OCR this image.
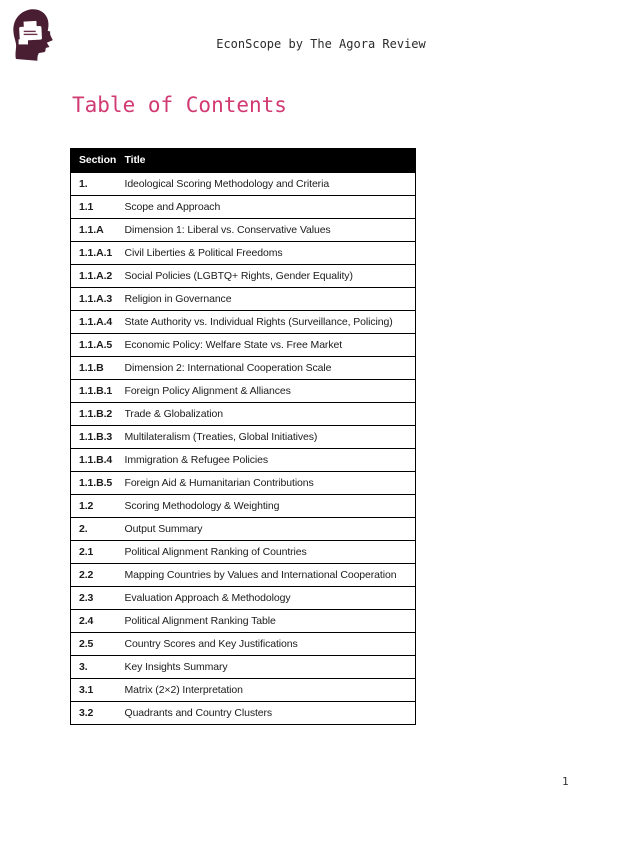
EconScope by The Agora Review
Table of Contents
Section	Title
1.	Ideological Scoring Methodology and Criteria
1.1	Scope and Approach
1.1.A	Dimension 1: Liberal vs. Conservative Values
1.1.A.1	Civil Liberties & Political Freedoms
1.1.A.2	Social Policies (LGBTQ+ Rights, Gender Equality)
1.1.A.3	Religion in Governance
1.1.A.4	State Authority vs. Individual Rights (Surveillance, Policing)
1.1.A.5	Economic Policy: Welfare State vs. Free Market
1.1.B	Dimension 2: International Cooperation Scale
1.1.B.1	Foreign Policy Alignment & Alliances
1.1.B.2	Trade & Globalization
1.1.B.3	Multilateralism (Treaties, Global Initiatives)
1.1.B.4	Immigration & Refugee Policies
1.1.B.5	Foreign Aid & Humanitarian Contributions
1.2	Scoring Methodology & Weighting
2.	Output Summary
2.1	Political Alignment Ranking of Countries
2.2	Mapping Countries by Values and International Cooperation
2.3	Evaluation Approach & Methodology
2.4	Political Alignment Ranking Table
2.5	Country Scores and Key Justifications
3.	Key Insights Summary
3.1	Matrix (2×2) Interpretation
3.2	Quadrants and Country Clusters
1
